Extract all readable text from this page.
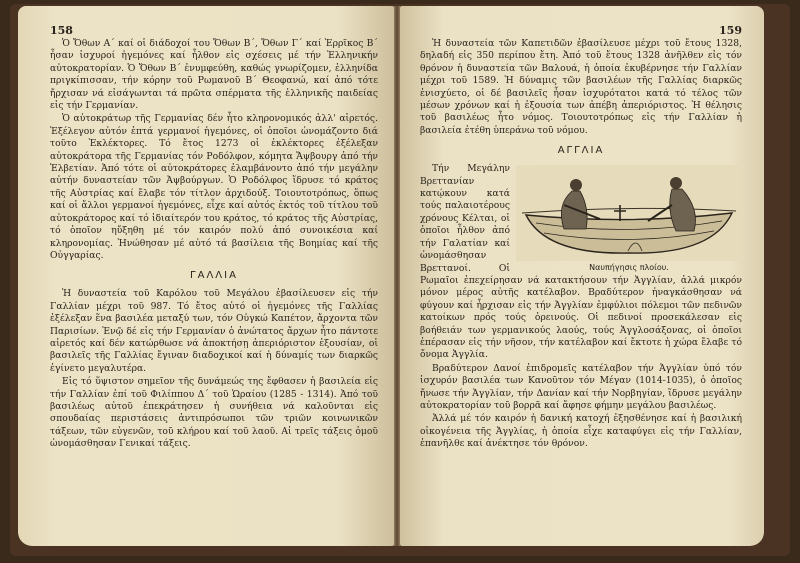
158

Ὁ Ὄθων Α΄ καί οἱ διάδοχοί του Ὄθων Β΄, Ὄθων Γ΄ καί Ἐρρῖκος Β΄ ἦσαν ἰσχυροί ἡγεμόνες καί ἦλθον εἰς σχέσεις μέ τήν Ἑλληνικήν αὐτοκρατορίαν. Ὁ Ὄθων Β΄ ἐνυμφεύθη, καθώς γνωρίζομεν, ἑλληνίδα πριγκίπισσαν, τήν κόρην τοῦ Ρωμανοῦ Β΄ Θεοφανώ, καί ἀπό τότε ἤρχισαν νά εἰσάγωνται τά πρῶτα σπέρματα τῆς ἑλληνικῆς παιδείας εἰς τήν Γερμανίαν.

Ὁ αὐτοκράτωρ τῆς Γερμανίας δέν ἦτο κληρονομικός ἀλλ' αἱρετός. Ἐξέλεγον αὐτόν ἑπτά γερμανοί ἡγεμόνες, οἱ ὁποῖοι ὠνομάζοντο διά τοῦτο Ἐκλέκτορες. Τό ἔτος 1273 οἱ ἐκλέκτορες ἐξέλεξαν αὐτοκράτορα τῆς Γερμανίας τόν Ροδόλφον, κόμητα Ἄψβουργ ἀπό τήν Ἑλβετίαν. Ἀπό τότε οἱ αὐτοκράτορες ἐλαμβάνοντο ἀπό τήν μεγάλην αὐτήν δυναστείαν τῶν Ἀψβούργων. Ὁ Ροδόλφος ἵδρυσε τό κράτος τῆς Αὐστρίας καί ἔλαβε τόν τίτλον ἀρχιδούξ. Τοιουτοτρόπως, ὅπως καί οἱ ἄλλοι γερμανοί ἡγεμόνες, εἶχε καί αὐτός ἐκτός τοῦ τίτλου τοῦ αὐτοκράτορος καί τό ἰδιαίτερόν του κράτος, τό κράτος τῆς Αὐστρίας, τό ὁποῖον ηὔξηθη μέ τόν καιρόν πολύ ἀπό συνοικέσια καί κληρονομίας. Ἡνώθησαν μέ αὐτό τά βασίλεια τῆς Βοημίας καί τῆς Οὐγγαρίας.

ΓΑΛΛΙΑ

Ἡ δυναστεία τοῦ Καρόλου τοῦ Μεγάλου ἐβασίλευσεν εἰς τήν Γαλλίαν μέχρι τοῦ 987. Τό ἔτος αὐτό οἱ ἡγεμόνες τῆς Γαλλίας ἐξέλεξαν ἕνα βασιλέα μεταξύ των, τόν Οὑγκώ Καπέτον, ἄρχοντα τῶν Παρισίων. Ἐνῷ δέ εἰς τήν Γερμανίαν ὁ ἀνώτατος ἄρχων ἦτο πάντοτε αἱρετός καί δέν κατώρθωσε νά ἀποκτήσῃ ἀπεριόριστον ἐξουσίαν, οἱ βασιλεῖς τῆς Γαλλίας ἔγιναν διαδοχικοί καί ἡ δύναμίς των διαρκῶς ἐγίνετο μεγαλυτέρα.

Εἰς τό ὕψιστον σημεῖον τῆς δυνάμεώς της ἔφθασεν ἡ βασιλεία εἰς τήν Γαλλίαν ἐπί τοῦ Φιλίππου Δ΄ τοῦ Ὡραίου (1285 - 1314). Ἀπό τοῦ βασιλέως αὐτοῦ ἐπεκράτησεν ἡ συνήθεια νά καλοῦνται εἰς σπουδαίας περιστάσεις ἀντιπρόσωποι τῶν τριῶν κοινωνικῶν τάξεων, τῶν εὐγενῶν, τοῦ κλήρου καί τοῦ λαοῦ. Αἱ τρεῖς τάξεις ὁμοῦ ὠνομάσθησαν Γενικαί τάξεις.

159

Ἡ δυναστεία τῶν Καπετιδῶν ἐβασίλευσε μέχρι τοῦ ἔτους 1328, δηλαδή εἰς 350 περίπου ἔτη. Ἀπό τοῦ ἔτους 1328 ἀνῆλθεν εἰς τόν θρόνον ἡ δυναστεία τῶν Βαλουά, ἡ ὁποία ἐκυβέρνησε τήν Γαλλίαν μέχρι τοῦ 1589. Ἡ δύναμις τῶν βασιλέων τῆς Γαλλίας διαρκῶς ἐνισχύετο, οἱ δέ βασιλεῖς ἦσαν ἰσχυρότατοι κατά τό τέλος τῶν μέσων χρόνων καί ἡ ἐξουσία των ἀπέβη ἀπεριόριστος. Ἡ θέλησις τοῦ βασιλέως ἦτο νόμος. Τοιουτοτρόπως εἰς τήν Γαλλίαν ἡ βασιλεία ἐτέθη ὑπεράνω τοῦ νόμου.

ΑΓΓΛΙΑ
Ναυπήγησις πλοίου.

Τήν Μεγάλην Βρεττανίαν κατῴκουν κατά τούς παλαιοτέρους χρόνους Κέλται, οἱ ὁποῖοι ἦλθον ἀπό τήν Γαλατίαν καί ὠνομάσθησαν Βρεττανοί. Οἱ Ρωμαῖοι ἐπεχείρησαν νά κατακτήσουν τήν Ἀγγλίαν, ἀλλά μικρόν μόνον μέρος αὐτῆς κατέλαβον. Βραδύτερον ἠναγκάσθησαν νά φύγουν καί ἦρχισαν εἰς τήν Ἀγγλίαν ἐμφύλιοι πόλεμοι τῶν πεδινῶν κατοίκων πρός τούς ὀρεινούς. Οἱ πεδινοί προσεκάλεσαν εἰς βοήθειάν των γερμανικούς λαούς, τούς Ἀγγλοσάξονας, οἱ ὁποῖοι ἐπέρασαν εἰς τήν νῆσον, τήν κατέλαβον καί ἔκτοτε ἡ χώρα ἔλαβε τό ὄνομα Ἀγγλία.

Βραδύτερον Δανοί ἐπιδρομεῖς κατέλαβον τήν Ἀγγλίαν ὑπό τόν ἰσχυρόν βασιλέα των Κανοῦτον τόν Μέγαν (1014-1035), ὁ ὁποῖος ἤνωσε τήν Ἀγγλίαν, τήν Δανίαν καί τήν Νορβηγίαν, ἵδρυσε μεγάλην αὐτοκρατορίαν τοῦ βορρᾶ καί ἄφησε φήμην μεγάλου βασιλέως.

Ἀλλά μέ τόν καιρόν ἡ δανική κατοχή ἐξησθένησε καί ἡ βασιλική οἰκογένεια τῆς Ἀγγλίας, ἡ ὁποία εἶχε καταφύγει εἰς τήν Γαλλίαν, ἐπανῆλθε καί ἀνέκτησε τόν θρόνον.
